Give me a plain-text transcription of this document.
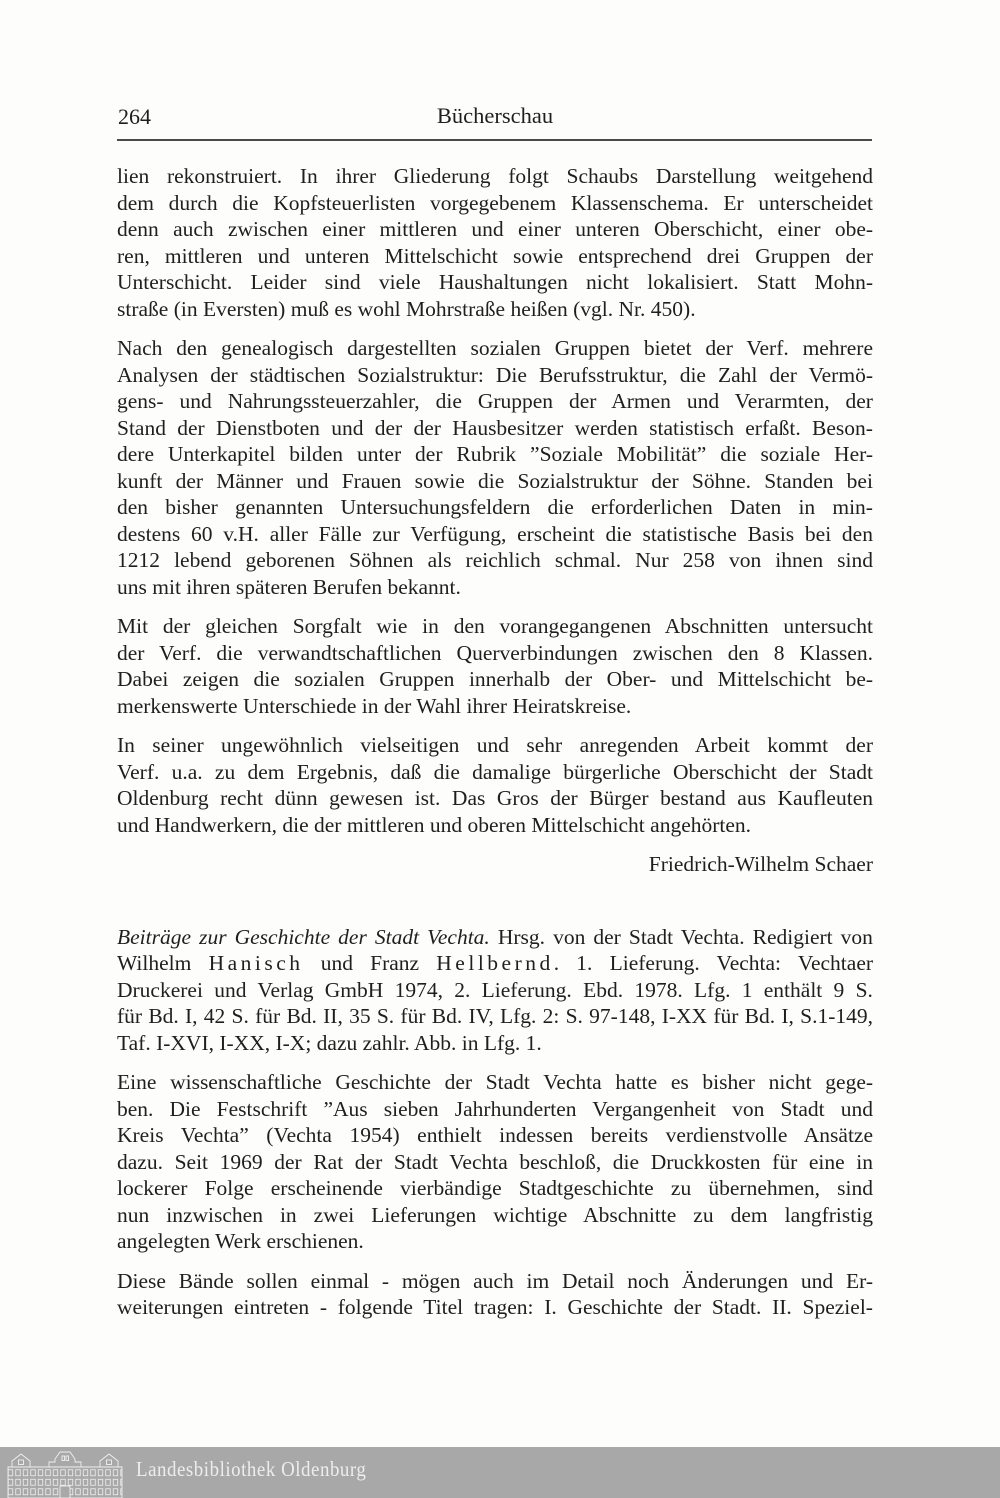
264	Bücherschau
lien rekonstruiert. In ihrer Gliederung folgt Schaubs Darstellung weitgehend
dem durch die Kopfsteuerlisten vorgegebenem Klassenschema. Er unterscheidet
denn auch zwischen einer mittleren und einer unteren Oberschicht, einer obe-
ren, mittleren und unteren Mittelschicht sowie entsprechend drei Gruppen der
Unterschicht. Leider sind viele Haushaltungen nicht lokalisiert. Statt Mohn-
straße (in Eversten) muß es wohl Mohrstraße heißen (vgl. Nr. 450).
Nach den genealogisch dargestellten sozialen Gruppen bietet der Verf. mehrere
Analysen der städtischen Sozialstruktur: Die Berufsstruktur, die Zahl der Vermö-
gens- und Nahrungssteuerzahler, die Gruppen der Armen und Verarmten, der
Stand der Dienstboten und der der Hausbesitzer werden statistisch erfaßt. Beson-
dere Unterkapitel bilden unter der Rubrik ”Soziale Mobilität” die soziale Her-
kunft der Männer und Frauen sowie die Sozialstruktur der Söhne. Standen bei
den bisher genannten Untersuchungsfeldern die erforderlichen Daten in min-
destens 60 v.H. aller Fälle zur Verfügung, erscheint die statistische Basis bei den
1212 lebend geborenen Söhnen als reichlich schmal. Nur 258 von ihnen sind
uns mit ihren späteren Berufen bekannt.
Mit der gleichen Sorgfalt wie in den vorangegangenen Abschnitten untersucht
der Verf. die verwandtschaftlichen Querverbindungen zwischen den 8 Klassen.
Dabei zeigen die sozialen Gruppen innerhalb der Ober- und Mittelschicht be-
merkenswerte Unterschiede in der Wahl ihrer Heiratskreise.
In seiner ungewöhnlich vielseitigen und sehr anregenden Arbeit kommt der
Verf. u.a. zu dem Ergebnis, daß die damalige bürgerliche Oberschicht der Stadt
Oldenburg recht dünn gewesen ist. Das Gros der Bürger bestand aus Kaufleuten
und Handwerkern, die der mittleren und oberen Mittelschicht angehörten.
Friedrich-Wilhelm Schaer
Beiträge zur Geschichte der Stadt Vechta. Hrsg. von der Stadt Vechta. Redigiert von
Wilhelm Hanisch und Franz Hellbernd. 1. Lieferung. Vechta: Vechtaer
Druckerei und Verlag GmbH 1974, 2. Lieferung. Ebd. 1978. Lfg. 1 enthält 9 S.
für Bd. I, 42 S. für Bd. II, 35 S. für Bd. IV, Lfg. 2: S. 97-148, I-XX für Bd. I, S.1-149,
Taf. I-XVI, I-XX, I-X; dazu zahlr. Abb. in Lfg. 1.
Eine wissenschaftliche Geschichte der Stadt Vechta hatte es bisher nicht gege-
ben. Die Festschrift ”Aus sieben Jahrhunderten Vergangenheit von Stadt und
Kreis Vechta” (Vechta 1954) enthielt indessen bereits verdienstvolle Ansätze
dazu. Seit 1969 der Rat der Stadt Vechta beschloß, die Druckkosten für eine in
lockerer Folge erscheinende vierbändige Stadtgeschichte zu übernehmen, sind
nun inzwischen in zwei Lieferungen wichtige Abschnitte zu dem langfristig
angelegten Werk erschienen.
Diese Bände sollen einmal - mögen auch im Detail noch Änderungen und Er-
weiterungen eintreten - folgende Titel tragen: I. Geschichte der Stadt. II. Speziel-
Landesbibliothek Oldenburg
